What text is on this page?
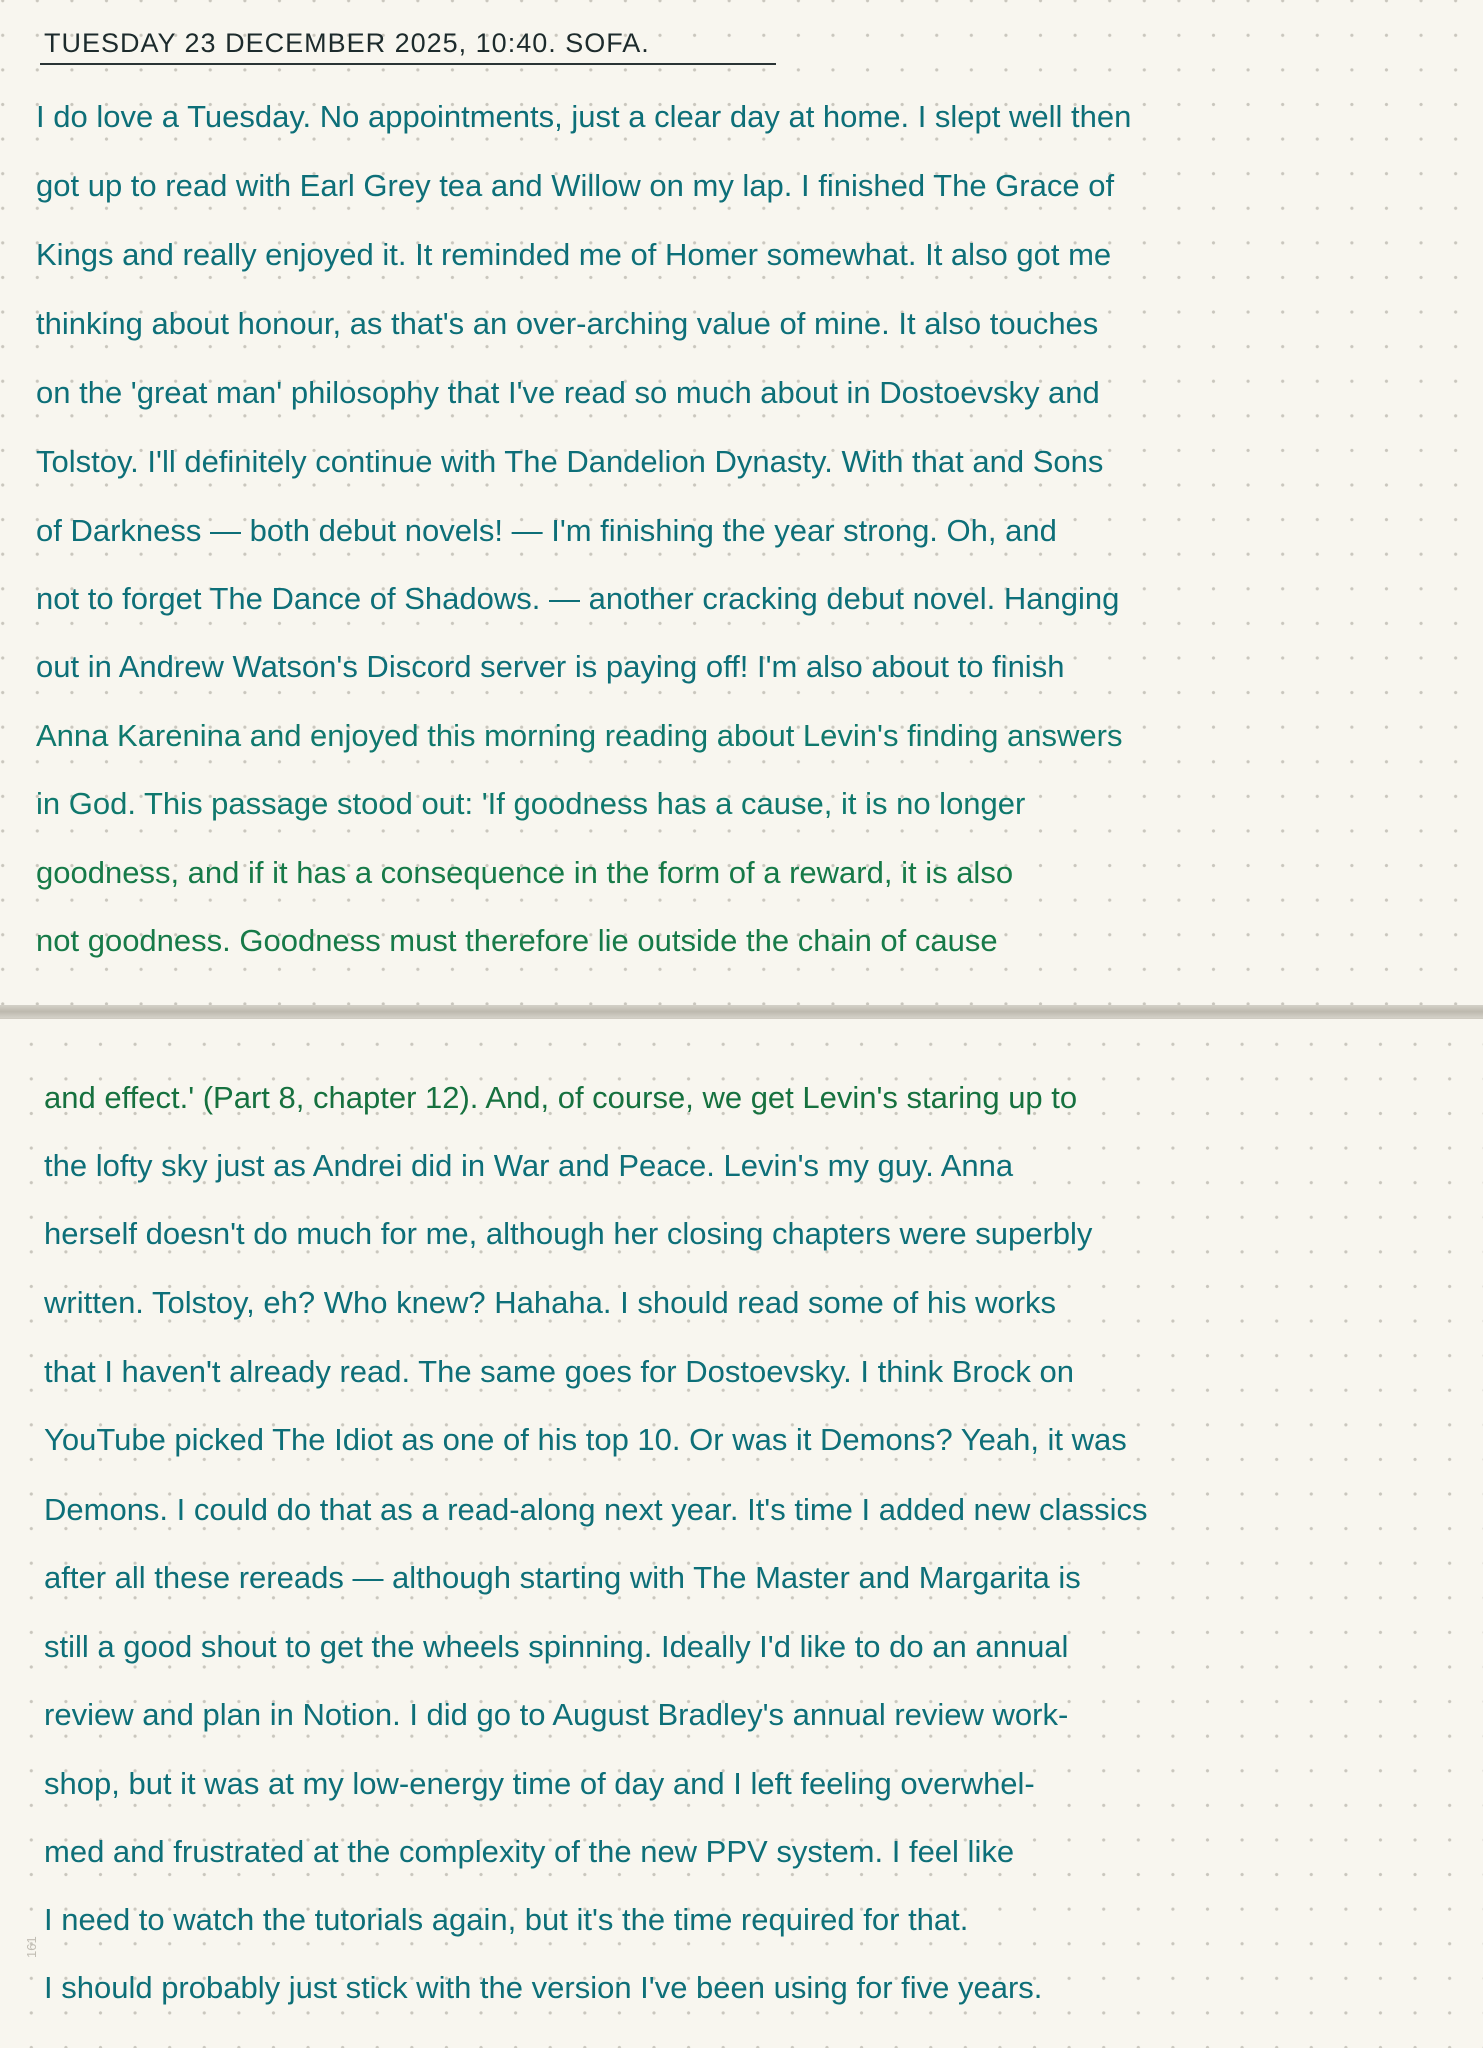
TUESDAY 23 DECEMBER 2025, 10:40. SOFA.

I do love a Tuesday. No appointments, just a clear day at home. I slept well then

got up to read with Earl Grey tea and Willow on my lap. I finished The Grace of

Kings and really enjoyed it. It reminded me of Homer somewhat. It also got me

thinking about honour, as that's an over-arching value of mine. It also touches

on the 'great man' philosophy that I've read so much about in Dostoevsky and

Tolstoy. I'll definitely continue with The Dandelion Dynasty. With that and Sons

of Darkness — both debut novels! — I'm finishing the year strong. Oh, and

not to forget The Dance of Shadows. — another cracking debut novel. Hanging

out in Andrew Watson's Discord server is paying off! I'm also about to finish

Anna Karenina and enjoyed this morning reading about Levin's finding answers

in God. This passage stood out: 'If goodness has a cause, it is no longer

goodness, and if it has a consequence in the form of a reward, it is also

not goodness. Goodness must therefore lie outside the chain of cause

and effect.' (Part 8, chapter 12). And, of course, we get Levin's staring up to

the lofty sky just as Andrei did in War and Peace. Levin's my guy. Anna

herself doesn't do much for me, although her closing chapters were superbly

written. Tolstoy, eh? Who knew? Hahaha. I should read some of his works

that I haven't already read. The same goes for Dostoevsky. I think Brock on

YouTube picked The Idiot as one of his top 10. Or was it Demons? Yeah, it was

Demons. I could do that as a read-along next year. It's time I added new classics

after all these rereads — although starting with The Master and Margarita is

still a good shout to get the wheels spinning. Ideally I'd like to do an annual

review and plan in Notion. I did go to August Bradley's annual review work-

shop, but it was at my low-energy time of day and I left feeling overwhel-

med and frustrated at the complexity of the new PPV system. I feel like

I need to watch the tutorials again, but it's the time required for that.

I should probably just stick with the version I've been using for five years.

161
